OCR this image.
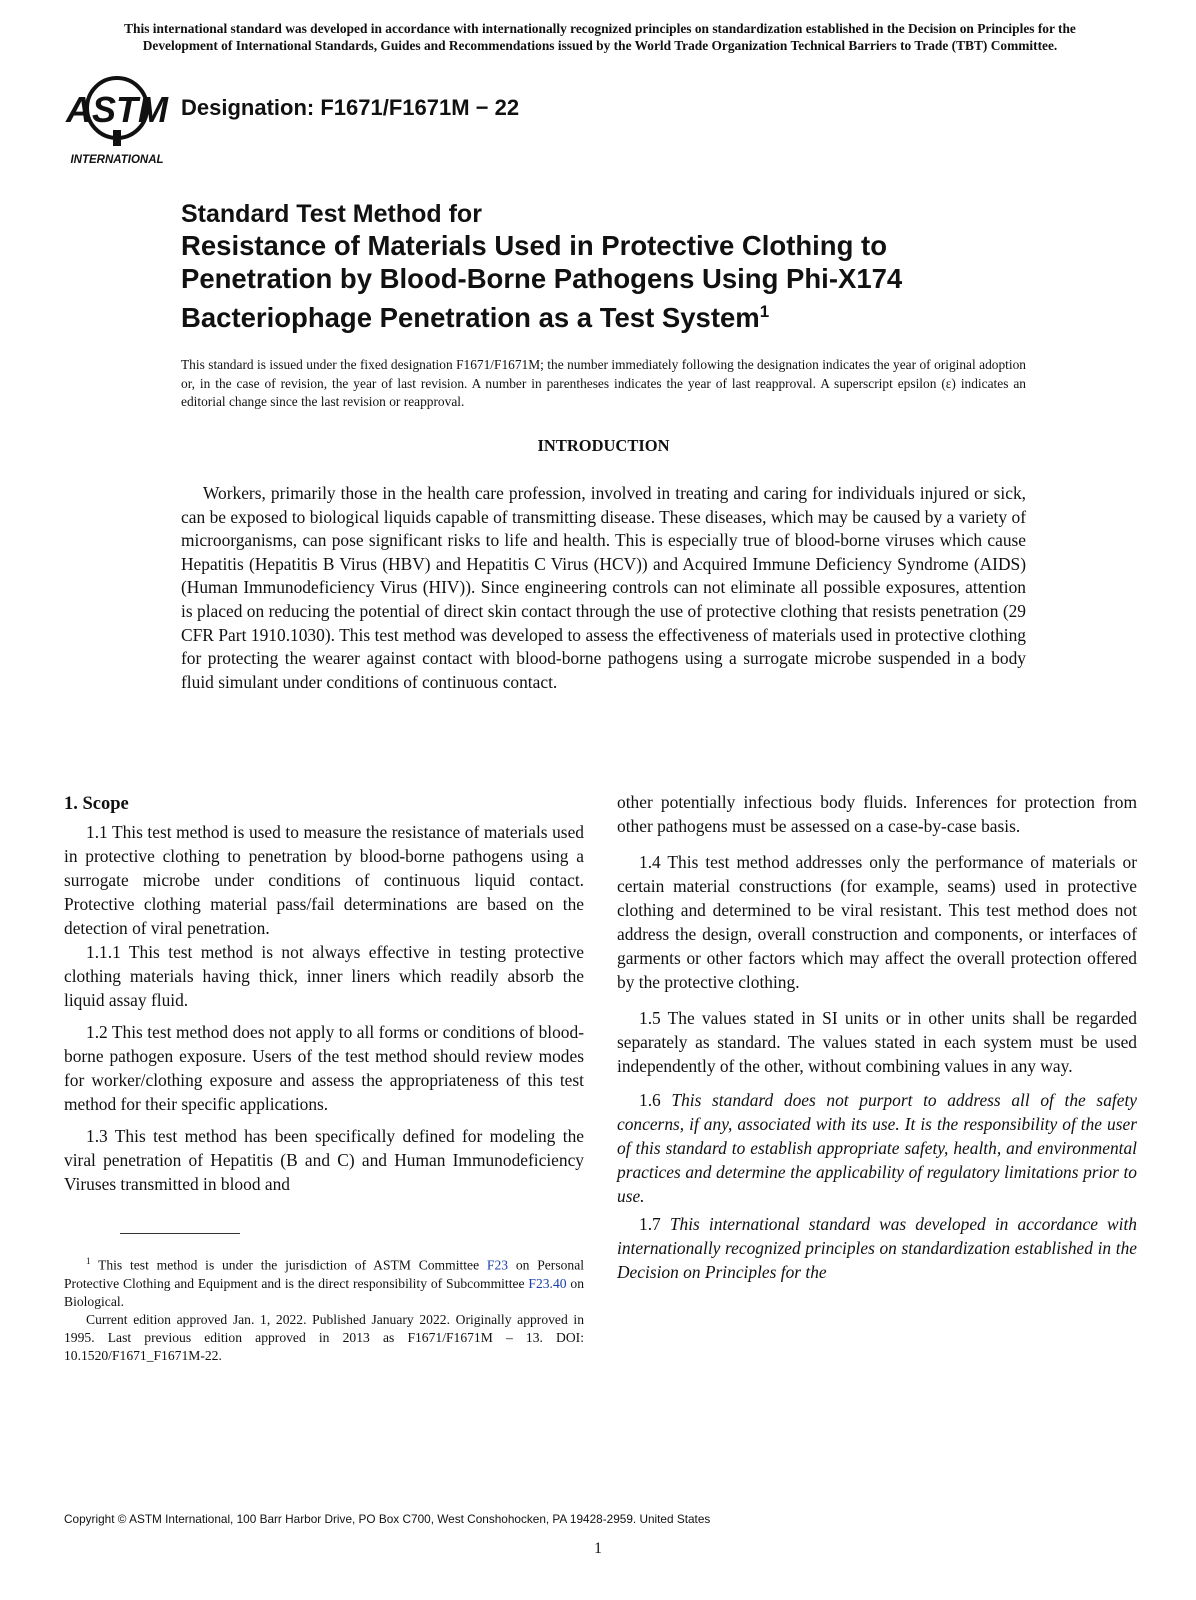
This international standard was developed in accordance with internationally recognized principles on standardization established in the Decision on Principles for the
Development of International Standards, Guides and Recommendations issued by the World Trade Organization Technical Barriers to Trade (TBT) Committee.
ASTM
INTERNATIONAL
Designation: F1671/F1671M − 22
Standard Test Method for
Resistance of Materials Used in Protective Clothing to
Penetration by Blood-Borne Pathogens Using Phi-X174
Bacteriophage Penetration as a Test System$^1$
This standard is issued under the fixed designation F1671/F1671M; the number immediately following the designation indicates the year of original adoption or, in the case of revision, the year of last revision. A number in parentheses indicates the year of last reapproval. A superscript epsilon (ε) indicates an editorial change since the last revision or reapproval.
INTRODUCTION
Workers, primarily those in the health care profession, involved in treating and caring for individuals injured or sick, can be exposed to biological liquids capable of transmitting disease. These diseases, which may be caused by a variety of microorganisms, can pose significant risks to life and health. This is especially true of blood-borne viruses which cause Hepatitis (Hepatitis B Virus (HBV) and Hepatitis C Virus (HCV)) and Acquired Immune Deficiency Syndrome (AIDS) (Human Immunodeficiency Virus (HIV)). Since engineering controls can not eliminate all possible exposures, attention is placed on reducing the potential of direct skin contact through the use of protective clothing that resists penetration (29 CFR Part 1910.1030). This test method was developed to assess the effectiveness of materials used in protective clothing for protecting the wearer against contact with blood-borne pathogens using a surrogate microbe suspended in a body fluid simulant under conditions of continuous contact.
1. Scope

1.1 This test method is used to measure the resistance of materials used in protective clothing to penetration by blood-borne pathogens using a surrogate microbe under conditions of continuous liquid contact. Protective clothing material pass/fail determinations are based on the detection of viral penetration.

1.1.1 This test method is not always effective in testing protective clothing materials having thick, inner liners which readily absorb the liquid assay fluid.

1.2 This test method does not apply to all forms or conditions of blood-borne pathogen exposure. Users of the test method should review modes for worker/clothing exposure and assess the appropriateness of this test method for their specific applications.

1.3 This test method has been specifically defined for modeling the viral penetration of Hepatitis (B and C) and Human Immunodeficiency Viruses transmitted in blood and

$^1$ This test method is under the jurisdiction of ASTM Committee F23 on Personal Protective Clothing and Equipment and is the direct responsibility of Subcommittee F23.40 on Biological.

Current edition approved Jan. 1, 2022. Published January 2022. Originally approved in 1995. Last previous edition approved in 2013 as F1671/F1671M – 13. DOI: 10.1520/F1671_F1671M-22.

other potentially infectious body fluids. Inferences for protection from other pathogens must be assessed on a case-by-case basis.

1.4 This test method addresses only the performance of materials or certain material constructions (for example, seams) used in protective clothing and determined to be viral resistant. This test method does not address the design, overall construction and components, or interfaces of garments or other factors which may affect the overall protection offered by the protective clothing.

1.5 The values stated in SI units or in other units shall be regarded separately as standard. The values stated in each system must be used independently of the other, without combining values in any way.

1.6 This standard does not purport to address all of the safety concerns, if any, associated with its use. It is the responsibility of the user of this standard to establish appropriate safety, health, and environmental practices and determine the applicability of regulatory limitations prior to use.

1.7 This international standard was developed in accordance with internationally recognized principles on standardization established in the Decision on Principles for the

Copyright © ASTM International, 100 Barr Harbor Drive, PO Box C700, West Conshohocken, PA 19428-2959. United States
1
